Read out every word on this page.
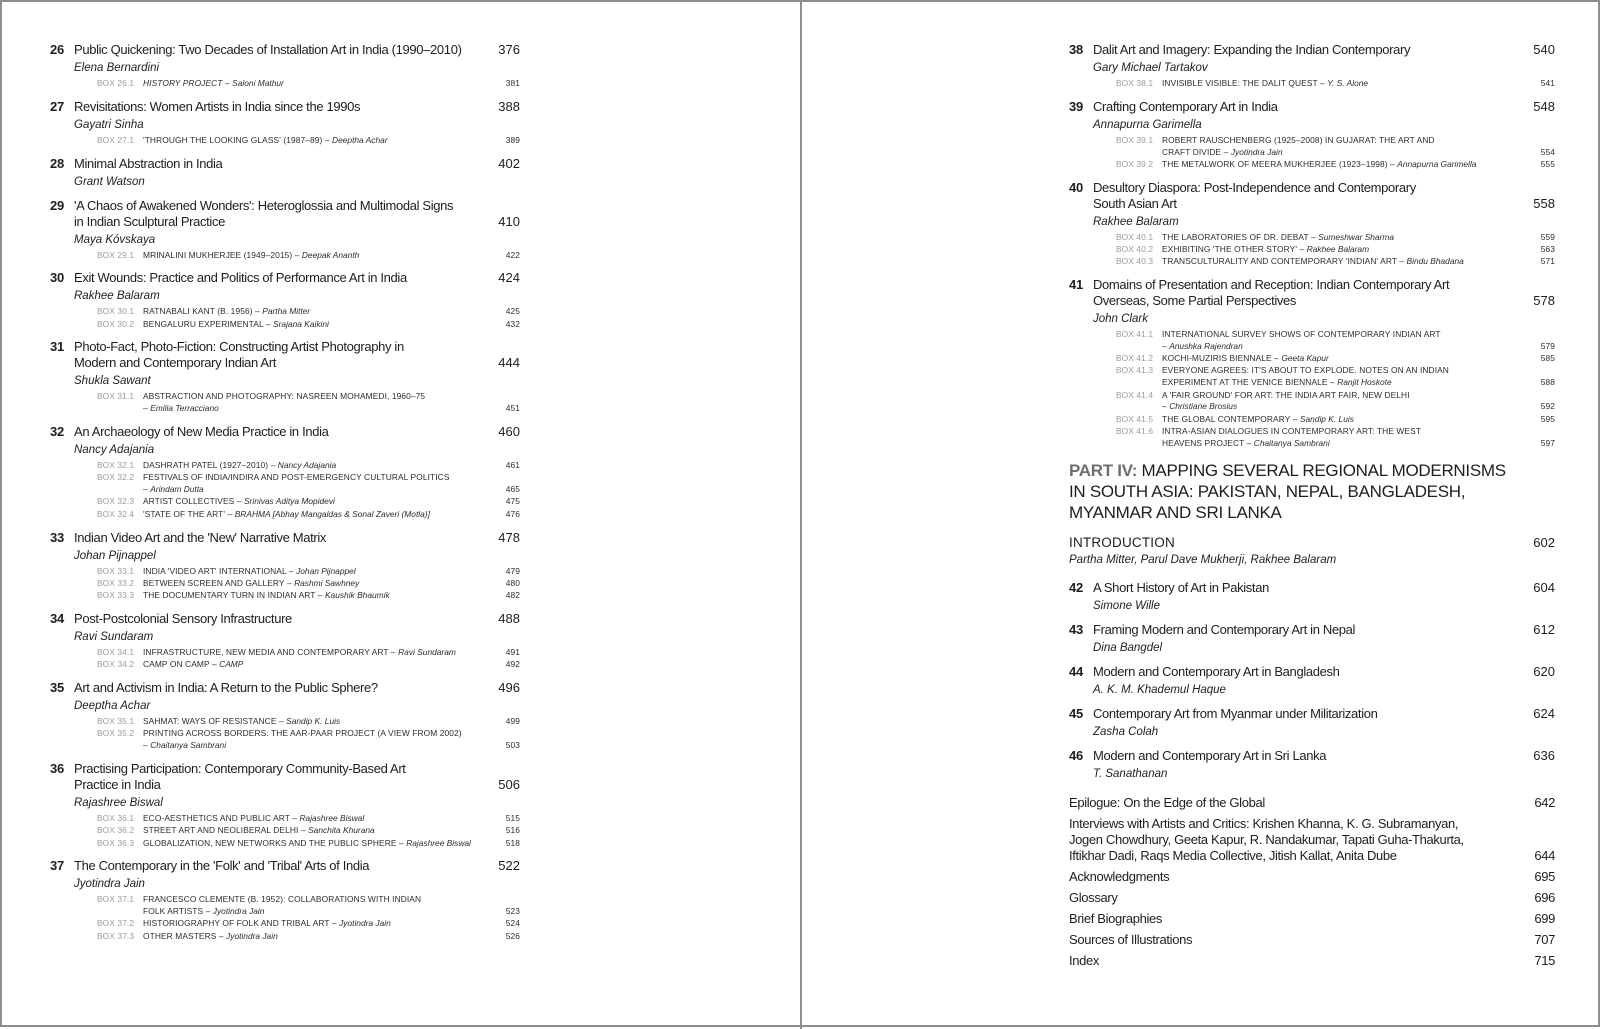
26 Public Quickening: Two Decades of Installation Art in India (1990–2010)	376
Elena Bernardini
BOX 26.1	HISTORY PROJECT – Saloni Mathur	381
27 Revisitations: Women Artists in India since the 1990s	388
Gayatri Sinha
BOX 27.1	'THROUGH THE LOOKING GLASS' (1987–89) – Deeptha Achar	389
28 Minimal Abstraction in India	402
Grant Watson
29 'A Chaos of Awakened Wonders': Heteroglossia and Multimodal Signs
in Indian Sculptural Practice	410
Maya Kóvskaya
BOX 29.1	MRINALINI MUKHERJEE (1949–2015) – Deepak Ananth	422
30 Exit Wounds: Practice and Politics of Performance Art in India	424
Rakhee Balaram
BOX 30.1	RATNABALI KANT (B. 1956) – Partha Mitter	425
BOX 30.2	BENGALURU EXPERIMENTAL – Srajana Kaikini	432
31 Photo-Fact, Photo-Fiction: Constructing Artist Photography in
Modern and Contemporary Indian Art	444
Shukla Sawant
BOX 31.1	ABSTRACTION AND PHOTOGRAPHY: NASREEN MOHAMEDI, 1960–75
– Emilia Terracciano	451
32 An Archaeology of New Media Practice in India	460
Nancy Adajania
BOX 32.1	DASHRATH PATEL (1927–2010) – Nancy Adajania	461
BOX 32.2	FESTIVALS OF INDIA/INDIRA AND POST-EMERGENCY CULTURAL POLITICS
– Arindam Dutta	465
BOX 32.3	ARTIST COLLECTIVES – Srinivas Aditya Mopidevi	475
BOX 32.4	'STATE OF THE ART' – BRAHMA [Abhay Mangaldas & Sonal Zaveri (Motla)]	476
33 Indian Video Art and the 'New' Narrative Matrix	478
Johan Pijnappel
BOX 33.1	INDIA 'VIDEO ART' INTERNATIONAL – Johan Pijnappel	479
BOX 33.2	BETWEEN SCREEN AND GALLERY – Rashmi Sawhney	480
BOX 33.3	THE DOCUMENTARY TURN IN INDIAN ART – Kaushik Bhaumik	482
34 Post-Postcolonial Sensory Infrastructure	488
Ravi Sundaram
BOX 34.1	INFRASTRUCTURE, NEW MEDIA AND CONTEMPORARY ART – Ravi Sundaram	491
BOX 34.2	CAMP ON CAMP – CAMP	492
35 Art and Activism in India: A Return to the Public Sphere?	496
Deeptha Achar
BOX 35.1	SAHMAT: WAYS OF RESISTANCE – Sandip K. Luis	499
BOX 35.2	PRINTING ACROSS BORDERS: THE AAR-PAAR PROJECT (A VIEW FROM 2002)
– Chaitanya Sambrani	503
36 Practising Participation: Contemporary Community-Based Art
Practice in India	506
Rajashree Biswal
BOX 36.1	ECO-AESTHETICS AND PUBLIC ART – Rajashree Biswal	515
BOX 36.2	STREET ART AND NEOLIBERAL DELHI – Sanchita Khurana	516
BOX 36.3	GLOBALIZATION, NEW NETWORKS AND THE PUBLIC SPHERE – Rajashree Biswal	518
37 The Contemporary in the 'Folk' and 'Tribal' Arts of India	522
Jyotindra Jain
BOX 37.1	FRANCESCO CLEMENTE (B. 1952): COLLABORATIONS WITH INDIAN
FOLK ARTISTS – Jyotindra Jain	523
BOX 37.2	HISTORIOGRAPHY OF FOLK AND TRIBAL ART – Jyotindra Jain	524
BOX 37.3	OTHER MASTERS – Jyotindra Jain	526
38 Dalit Art and Imagery: Expanding the Indian Contemporary	540
Gary Michael Tartakov
BOX 38.1	INVISIBLE VISIBLE: THE DALIT QUEST – Y. S. Alone	541
39 Crafting Contemporary Art in India	548
Annapurna Garimella
BOX 39.1	ROBERT RAUSCHENBERG (1925–2008) IN GUJARAT: THE ART AND
CRAFT DIVIDE – Jyotindra Jain	554
BOX 39.2	THE METALWORK OF MEERA MUKHERJEE (1923–1998) – Annapurna Garimella	555
40 Desultory Diaspora: Post-Independence and Contemporary
South Asian Art	558
Rakhee Balaram
BOX 40.1	THE LABORATORIES OF DR. DEBAT – Sumeshwar Sharma	559
BOX 40.2	EXHIBITING 'THE OTHER STORY' – Rakhee Balaram	563
BOX 40.3	TRANSCULTURALITY AND CONTEMPORARY 'INDIAN' ART – Bindu Bhadana	571
41 Domains of Presentation and Reception: Indian Contemporary Art
Overseas, Some Partial Perspectives	578
John Clark
BOX 41.1	INTERNATIONAL SURVEY SHOWS OF CONTEMPORARY INDIAN ART
– Anushka Rajendran	579
BOX 41.2	KOCHI-MUZIRIS BIENNALE – Geeta Kapur	585
BOX 41.3	EVERYONE AGREES: IT'S ABOUT TO EXPLODE. NOTES ON AN INDIAN
EXPERIMENT AT THE VENICE BIENNALE – Ranjit Hoskote	588
BOX 41.4	A 'FAIR GROUND' FOR ART: THE INDIA ART FAIR, NEW DELHI
– Christiane Brosius	592
BOX 41.5	THE GLOBAL CONTEMPORARY – Sandip K. Luis	595
BOX 41.6	INTRA-ASIAN DIALOGUES IN CONTEMPORARY ART: THE WEST
HEAVENS PROJECT – Chaitanya Sambrani	597
PART IV: MAPPING SEVERAL REGIONAL MODERNISMS
IN SOUTH ASIA: PAKISTAN, NEPAL, BANGLADESH,
MYANMAR AND SRI LANKA
INTRODUCTION	602
Partha Mitter, Parul Dave Mukherji, Rakhee Balaram
42 A Short History of Art in Pakistan	604
Simone Wille
43 Framing Modern and Contemporary Art in Nepal	612
Dina Bangdel
44 Modern and Contemporary Art in Bangladesh	620
A. K. M. Khademul Haque
45 Contemporary Art from Myanmar under Militarization	624
Zasha Colah
46 Modern and Contemporary Art in Sri Lanka	636
T. Sanathanan
Epilogue: On the Edge of the Global	642
Interviews with Artists and Critics: Krishen Khanna, K. G. Subramanyan,
Jogen Chowdhury, Geeta Kapur, R. Nandakumar, Tapati Guha-Thakurta,
Iftikhar Dadi, Raqs Media Collective, Jitish Kallat, Anita Dube	644
Acknowledgments	695
Glossary	696
Brief Biographies	699
Sources of Illustrations	707
Index	715
